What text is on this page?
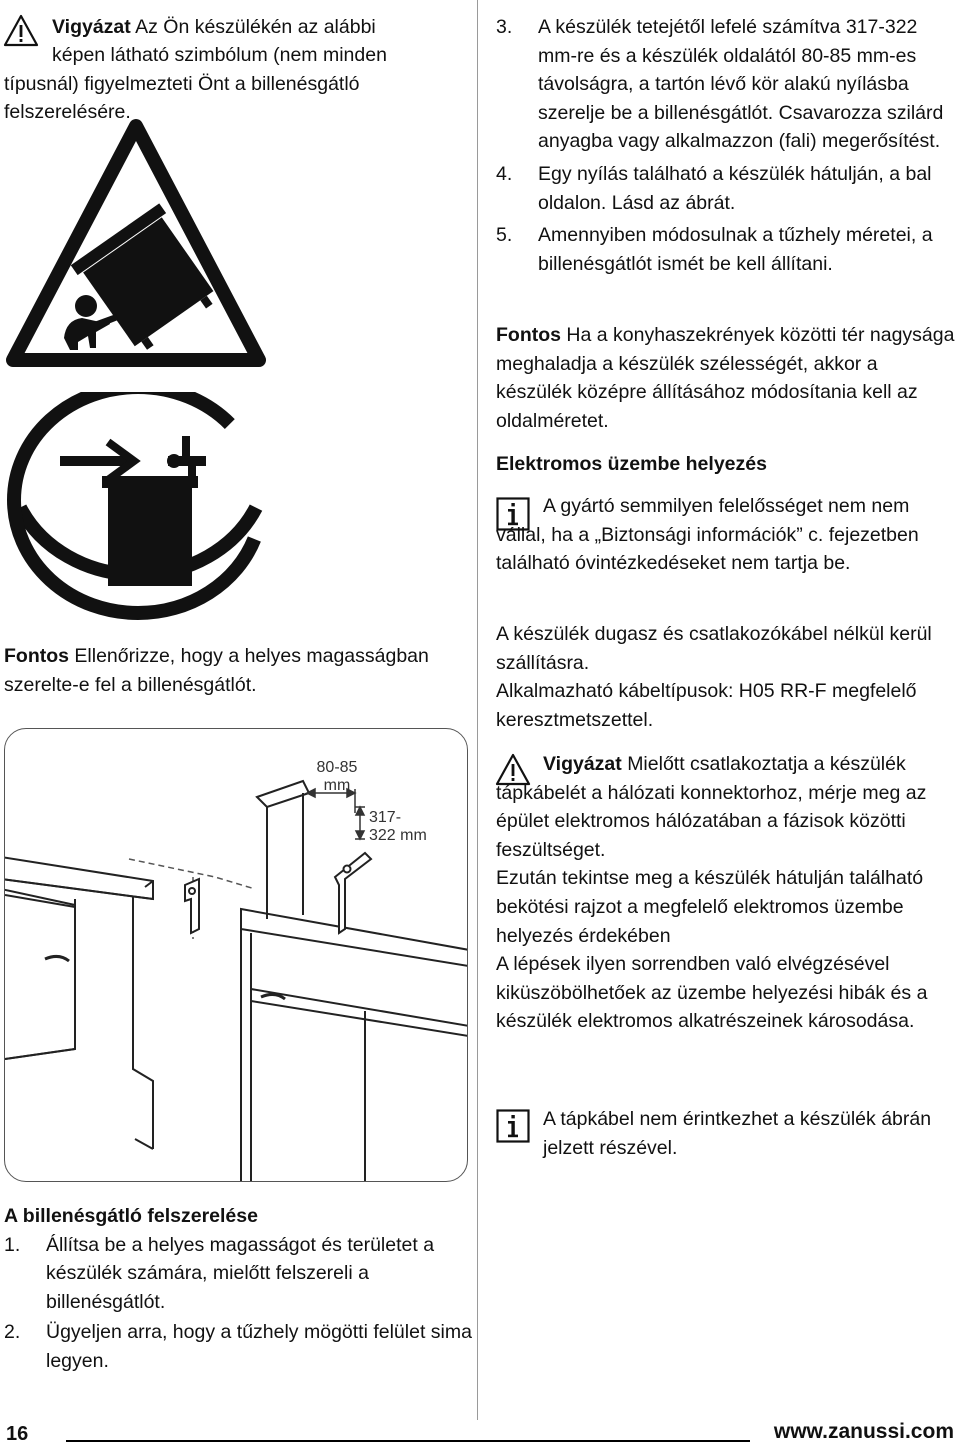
Vigyázat Az Ön készülékén az alábbi

képen látható szimbólum (nem minden
típusnál) figyelmezteti Önt a billenésgátló
felszerelésére.

Fontos Ellenőrizze, hogy a helyes magasságban szerelte-e fel a billenésgátlót.

80-85
mm
317-
322 mm

A billenésgátló felszerelése

1. Állítsa be a helyes magasságot és területet a készülék számára, mielőtt felszereli a billenésgátlót.
2. Ügyeljen arra, hogy a tűzhely mögötti felület sima legyen.
3. A készülék tetejétől lefelé számítva 317-322 mm-re és a készülék oldalától 80-85 mm-es távolságra, a tartón lévő kör alakú nyílásba szerelje be a billenésgátlót. Csavarozza szilárd anyagba vagy alkalmazzon (fali) megerősítést.
4. Egy nyílás található a készülék hátulján, a bal oldalon. Lásd az ábrát.
5. Amennyiben módosulnak a tűzhely méretei, a billenésgátlót ismét be kell állítani.

Fontos Ha a konyhaszekrények közötti tér nagysága meghaladja a készülék szélességét, akkor a készülék középre állításához módosítania kell az oldalméretet.

Elektromos üzembe helyezés

A gyártó semmilyen felelősséget nem nem vállal, ha a „Biztonsági információk” c. fejezetben található óvintézkedéseket nem tartja be.

A készülék dugasz és csatlakozókábel nélkül kerül szállításra.

Alkalmazható kábeltípusok: H05 RR-F megfelelő keresztmetszettel.

Vigyázat Mielőtt csatlakoztatja a készülék tápkábelét a hálózati konnektorhoz, mérje meg az épület elektromos hálózatában a fázisok közötti feszültséget.

Ezután tekintse meg a készülék hátulján található bekötési rajzot a megfelelő elektromos üzembe helyezés érdekében

A lépések ilyen sorrendben való elvégzésével kiküszöbölhetőek az üzembe helyezési hibák és a készülék elektromos alkatrészeinek károsodása.

A tápkábel nem érintkezhet a készülék ábrán jelzett részével.

16	www.zanussi.com
